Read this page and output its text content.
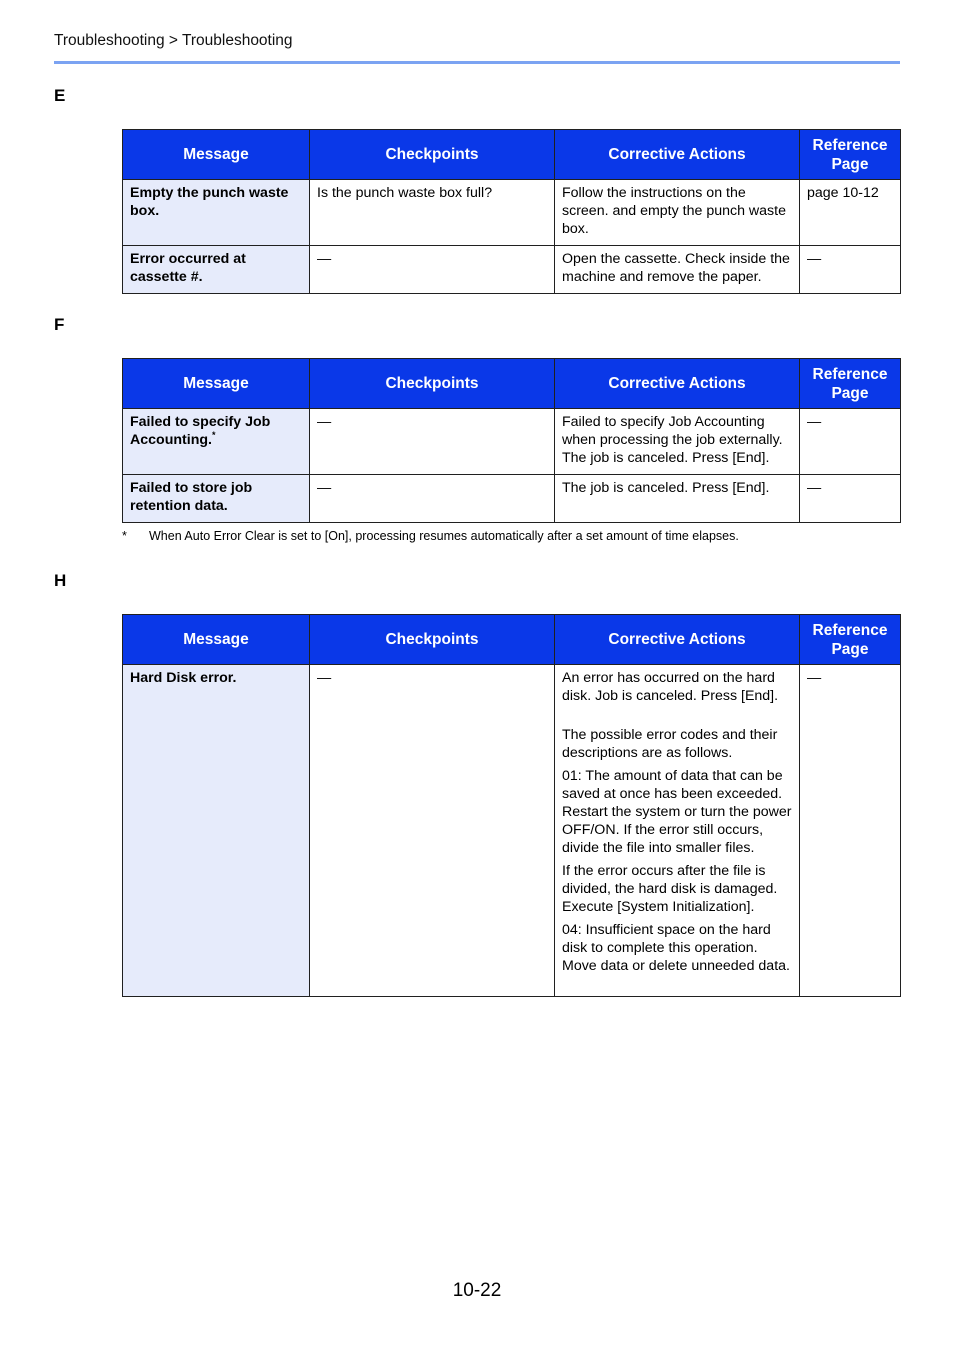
Troubleshooting > Troubleshooting
E
Message	Checkpoints	Corrective Actions	Reference Page
Empty the punch waste box.	Is the punch waste box full?	Follow the instructions on the screen. and empty the punch waste box.	page 10-12
Error occurred at cassette #.	—	Open the cassette. Check inside the machine and remove the paper.	—
F
Message	Checkpoints	Corrective Actions	Reference Page
Failed to specify Job Accounting.*	—	Failed to specify Job Accounting when processing the job externally. The job is canceled. Press [End].	—
Failed to store job retention data.	—	The job is canceled. Press [End].	—
* When Auto Error Clear is set to [On], processing resumes automatically after a set amount of time elapses.
H
Message	Checkpoints	Corrective Actions	Reference Page
Hard Disk error.	—	An error has occurred on the hard disk. Job is canceled. Press [End].

The possible error codes and their descriptions are as follows.

01: The amount of data that can be saved at once has been exceeded. Restart the system or turn the power OFF/ON. If the error still occurs, divide the file into smaller files.

If the error occurs after the file is divided, the hard disk is damaged. Execute [System Initialization].

04: Insufficient space on the hard disk to complete this operation. Move data or delete unneeded data.	—
10-22
